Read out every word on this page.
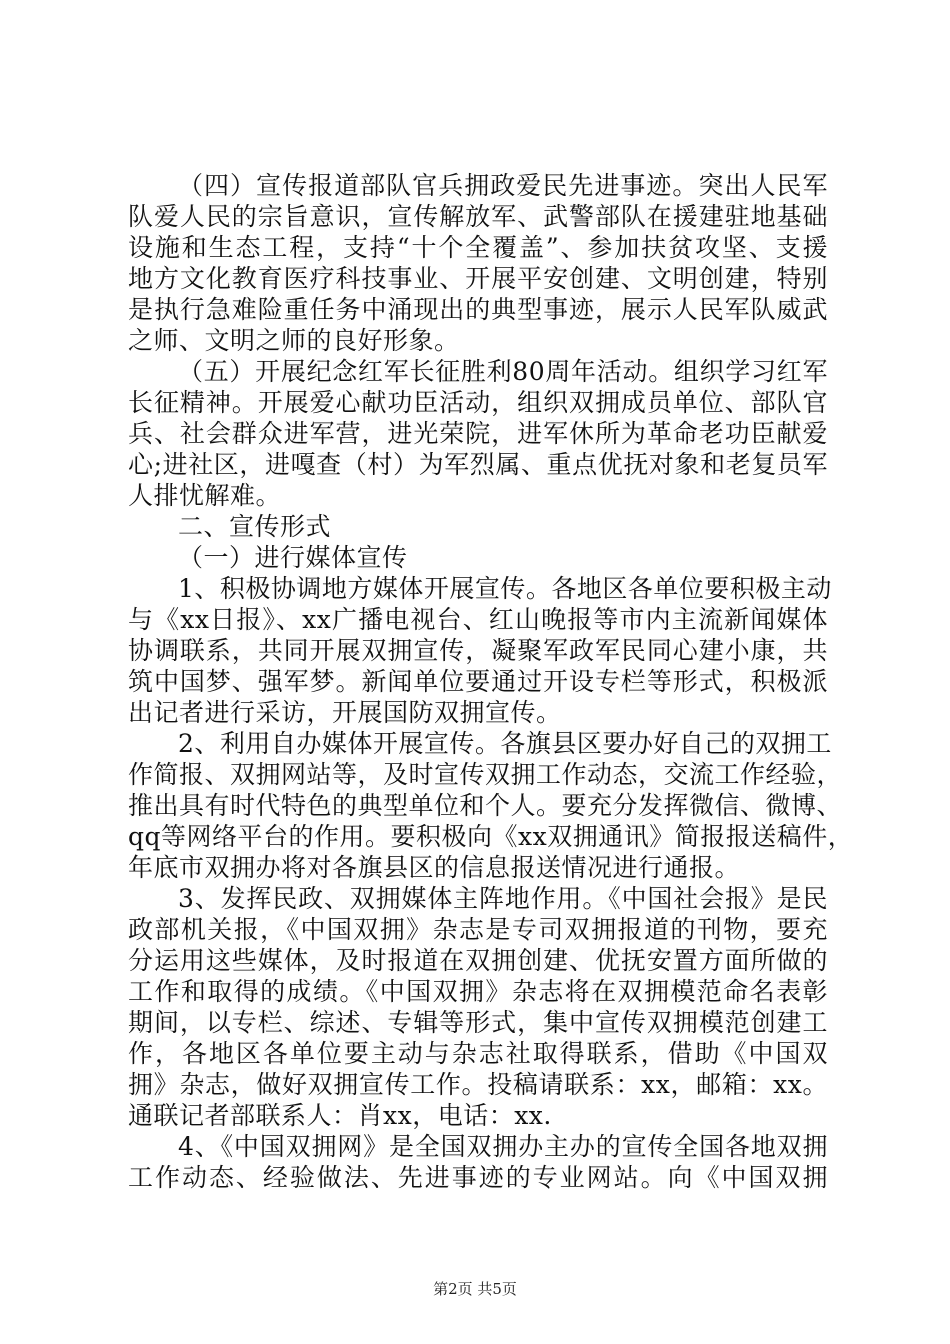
（四）宣传报道部队官兵拥政爱民先进事迹。突出人民军
队爱人民的宗旨意识，宣传解放军、武警部队在援建驻地基础
设施和生态工程，支持“十个全覆盖”、参加扶贫攻坚、支援
地方文化教育医疗科技事业、开展平安创建、文明创建，特别
是执行急难险重任务中涌现出的典型事迹，展示人民军队威武
之师、文明之师的良好形象。
（五）开展纪念红军长征胜利80周年活动。组织学习红军
长征精神。开展爱心献功臣活动，组织双拥成员单位、部队官
兵、社会群众进军营，进光荣院，进军休所为革命老功臣献爱
心;进社区，进嘎查（村）为军烈属、重点优抚对象和老复员军
人排忧解难。
二、宣传形式
（一）进行媒体宣传
1、积极协调地方媒体开展宣传。各地区各单位要积极主动
与《xx日报》、xx广播电视台、红山晚报等市内主流新闻媒体
协调联系，共同开展双拥宣传，凝聚军政军民同心建小康，共
筑中国梦、强军梦。新闻单位要通过开设专栏等形式，积极派
出记者进行采访，开展国防双拥宣传。
2、利用自办媒体开展宣传。各旗县区要办好自己的双拥工
作简报、双拥网站等，及时宣传双拥工作动态，交流工作经验，
推出具有时代特色的典型单位和个人。要充分发挥微信、微博、
qq等网络平台的作用。要积极向《xx双拥通讯》简报报送稿件，
年底市双拥办将对各旗县区的信息报送情况进行通报。
3、发挥民政、双拥媒体主阵地作用。《中国社会报》是民
政部机关报，《中国双拥》杂志是专司双拥报道的刊物，要充
分运用这些媒体，及时报道在双拥创建、优抚安置方面所做的
工作和取得的成绩。《中国双拥》杂志将在双拥模范命名表彰
期间，以专栏、综述、专辑等形式，集中宣传双拥模范创建工
作，各地区各单位要主动与杂志社取得联系，借助《中国双
拥》杂志，做好双拥宣传工作。投稿请联系：xx，邮箱：xx。
通联记者部联系人：肖xx，电话：xx.
4、《中国双拥网》是全国双拥办主办的宣传全国各地双拥
工作动态、经验做法、先进事迹的专业网站。向《中国双拥
第2页 共5页
